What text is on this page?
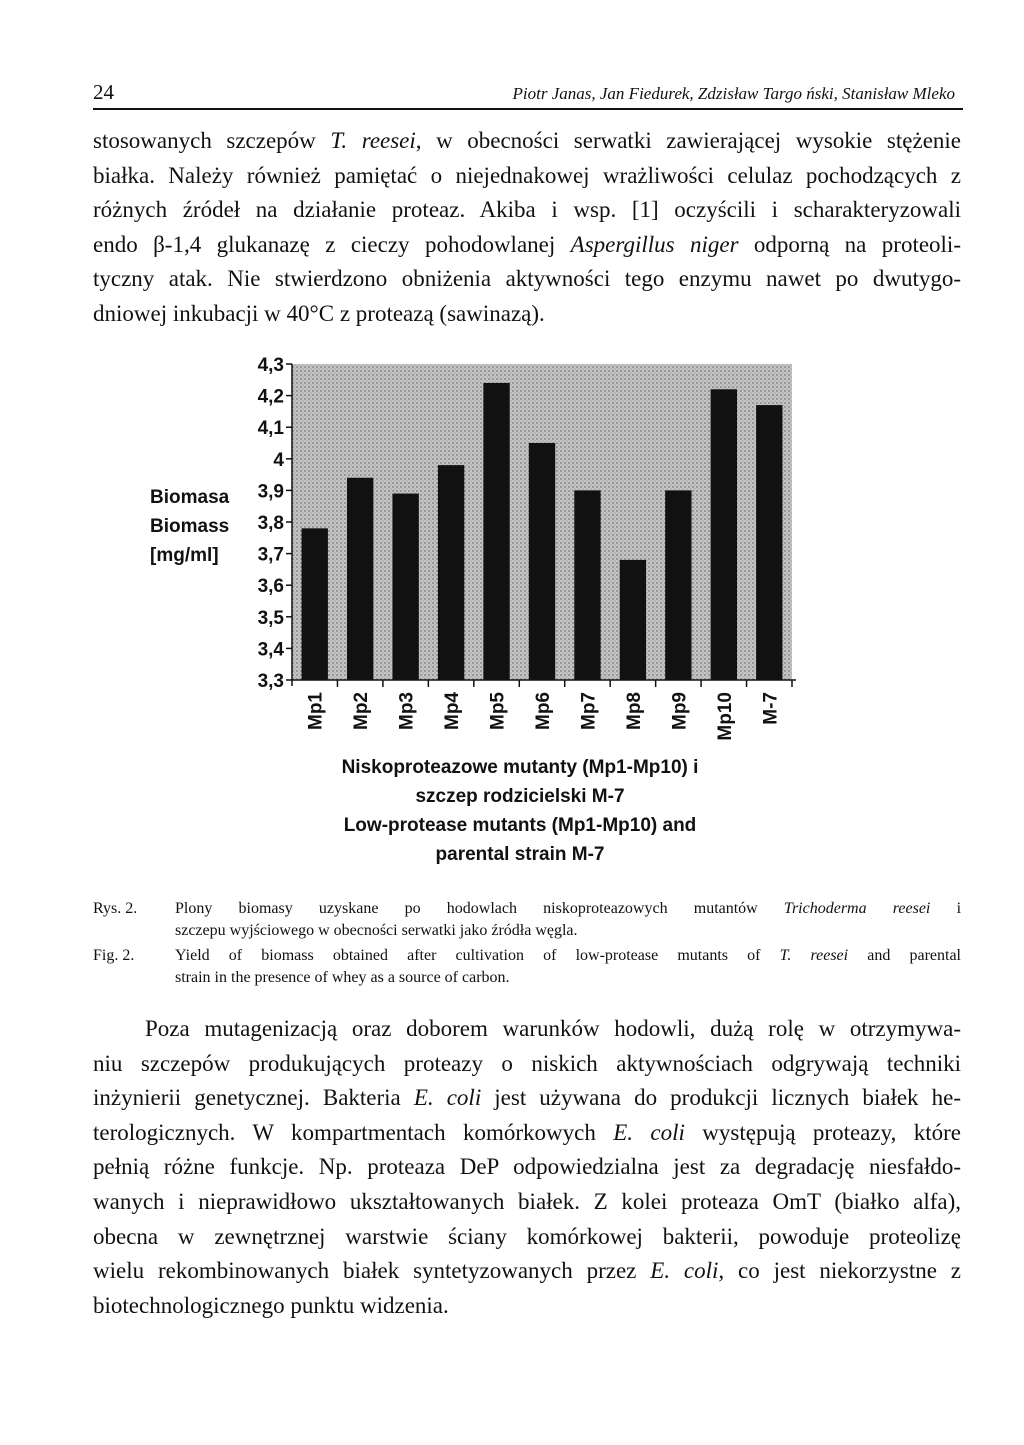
24	Piotr Janas, Jan Fiedurek, Zdzisław Targo ński, Stanisław Mleko

stosowanych szczepów T. reesei, w obecności serwatki zawierającej wysokie stężenie
białka. Należy również pamiętać o niejednakowej wrażliwości celulaz pochodzących z
różnych źródeł na działanie proteaz. Akiba i wsp. [1] oczyścili i scharakteryzowali
endo β-1,4 glukanazę z cieczy pohodowlanej Aspergillus niger odporną na proteoli-
tyczny atak. Nie stwierdzono obniżenia aktywności tego enzymu nawet po dwutygo-
dniowej inkubacji w 40°C z proteazą (sawinazą).

3,3
3,4
3,5
3,6
3,7
3,8
3,9
4
4,1
4,2
4,3
Mp1 Mp2 Mp3 Mp4 Mp5 Mp6 Mp7 Mp8 Mp9 Mp10 M-7
Biomasa
Biomass
[mg/ml]
Niskoproteazowe mutanty (Mp1-Mp10) i
szczep rodzicielski M-7
Low-protease mutants (Mp1-Mp10) and
parental strain M-7
Rys. 2. Plony biomasy uzyskane po hodowlach niskoproteazowych mutantów Trichoderma reesei i
szczepu wyjściowego w obecności serwatki jako źródła węgla.
Fig. 2.	Yield of biomass obtained after cultivation of low-protease mutants of T. reesei and parental
strain in the presence of whey as a source of carbon.

Poza mutagenizacją oraz doborem warunków hodowli, dużą rolę w otrzymywa-
niu szczepów produkujących proteazy o niskich aktywnościach odgrywają techniki
inżynierii genetycznej. Bakteria E. coli jest używana do produkcji licznych białek he-
terologicznych. W kompartmentach komórkowych E. coli występują proteazy, które
pełnią różne funkcje. Np. proteaza DeP odpowiedzialna jest za degradację niesfałdo-
wanych i nieprawidłowo ukształtowanych białek. Z kolei proteaza OmT (białko alfa),
obecna w zewnętrznej warstwie ściany komórkowej bakterii, powoduje proteolizę
wielu rekombinowanych białek syntetyzowanych przez E. coli, co jest niekorzystne z
biotechnologicznego punktu widzenia.
